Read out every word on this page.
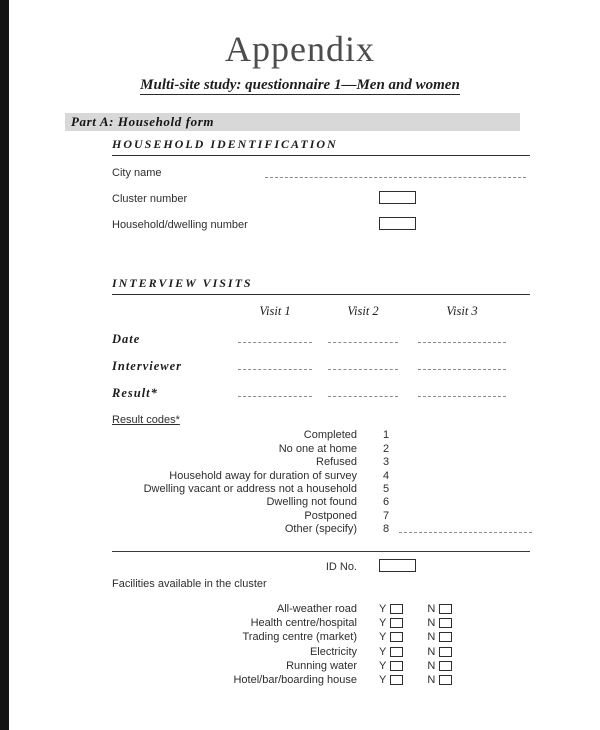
Appendix
Multi-site study: questionnaire 1—Men and women
Part A: Household form
HOUSEHOLD IDENTIFICATION
City name
Cluster number
Household/dwelling number
INTERVIEW VISITS
Visit 1	Visit 2	Visit 3
Date
Interviewer
Result*
Result codes*
Completed 1
No one at home 2
Refused 3
Household away for duration of survey 4
Dwelling vacant or address not a household 5
Dwelling not found 6
Postponed 7
Other (specify) 8
ID No.
Facilities available in the cluster
All-weather road Y	N
Health centre/hospital Y	N
Trading centre (market) Y	N
Electricity Y	N
Running water Y	N
Hotel/bar/boarding house Y	N
